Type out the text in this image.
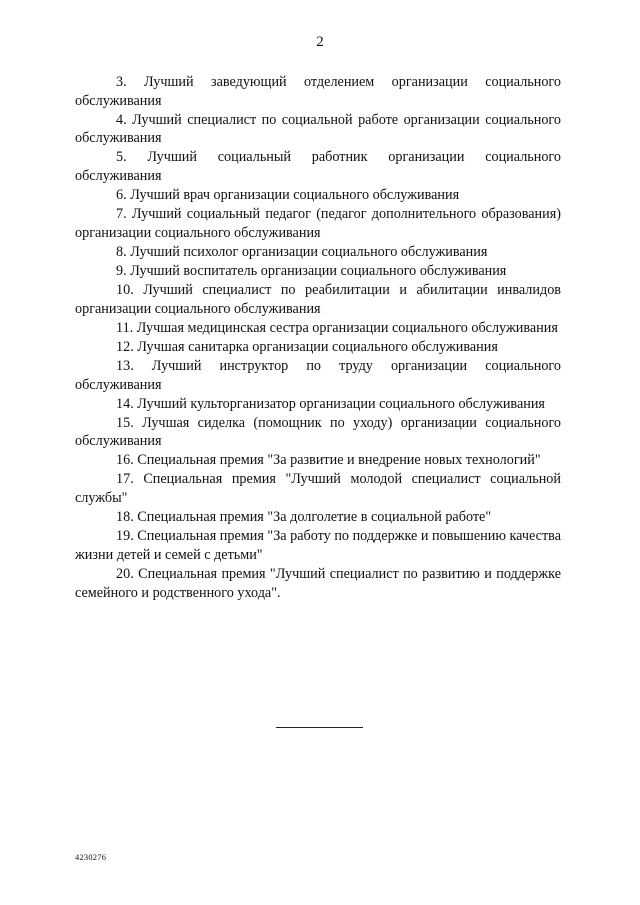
2

3. Лучший заведующий отделением организации социального обслуживания

4. Лучший специалист по социальной работе организации социального обслуживания

5. Лучший социальный работник организации социального обслуживания

6. Лучший врач организации социального обслуживания

7. Лучший социальный педагог (педагог дополнительного образования) организации социального обслуживания

8. Лучший психолог организации социального обслуживания

9. Лучший воспитатель организации социального обслуживания

10. Лучший специалист по реабилитации и абилитации инвалидов организации социального обслуживания

11. Лучшая медицинская сестра организации социального обслуживания

12. Лучшая санитарка организации социального обслуживания

13. Лучший инструктор по труду организации социального обслуживания

14. Лучший культорганизатор организации социального обслуживания

15. Лучшая сиделка (помощник по уходу) организации социального обслуживания

16. Специальная премия "За развитие и внедрение новых технологий"

17. Специальная премия "Лучший молодой специалист социальной службы"

18. Специальная премия "За долголетие в социальной работе"

19. Специальная премия "За работу по поддержке и повышению качества жизни детей и семей с детьми"

20. Специальная премия "Лучший специалист по развитию и поддержке семейного и родственного ухода".

4230276
